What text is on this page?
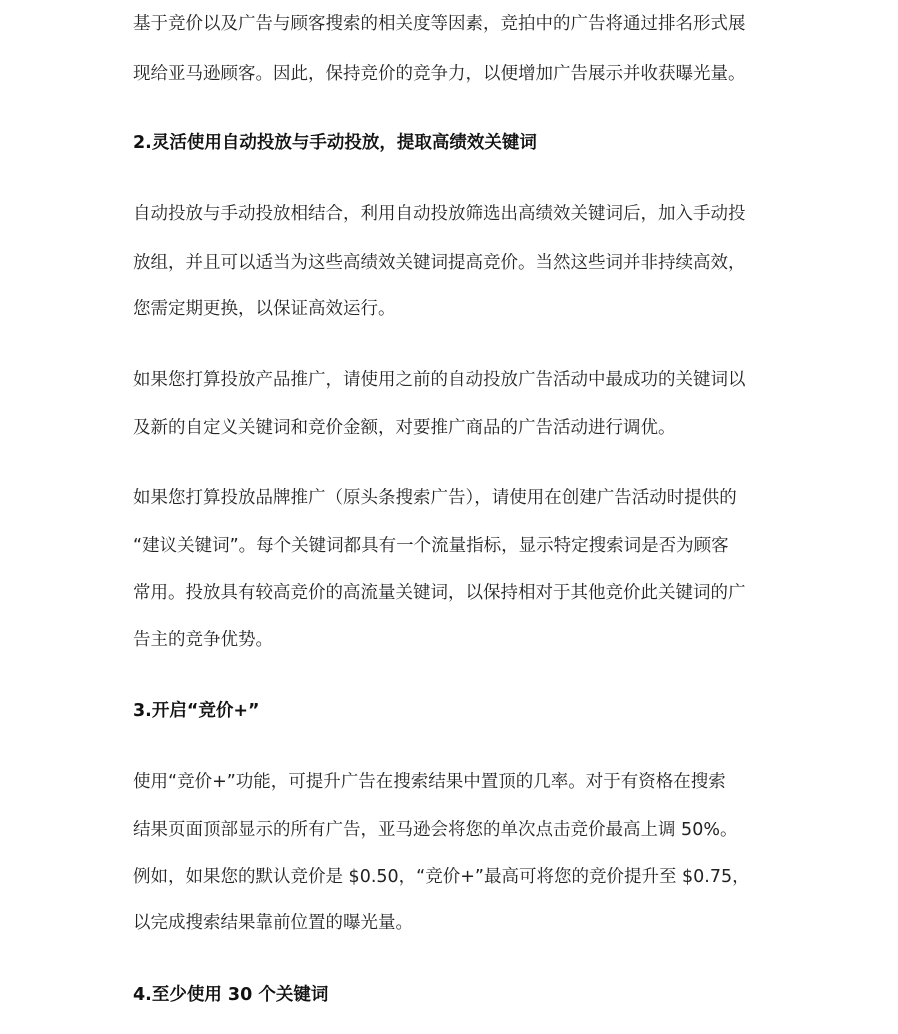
基于竞价以及广告与顾客搜索的相关度等因素，竞拍中的广告将通过排名形式展
现给亚马逊顾客。因此，保持竞价的竞争力，以便增加广告展示并收获曝光量。
2.灵活使用自动投放与手动投放，提取高绩效关键词
自动投放与手动投放相结合，利用自动投放筛选出高绩效关键词后，加入手动投
放组，并且可以适当为这些高绩效关键词提高竞价。当然这些词并非持续高效，
您需定期更换，以保证高效运行。
如果您打算投放产品推广，请使用之前的自动投放广告活动中最成功的关键词以
及新的自定义关键词和竞价金额，对要推广商品的广告活动进行调优。
如果您打算投放品牌推广（原头条搜索广告），请使用在创建广告活动时提供的
“建议关键词”。每个关键词都具有一个流量指标，显示特定搜索词是否为顾客
常用。投放具有较高竞价的高流量关键词，以保持相对于其他竞价此关键词的广
告主的竞争优势。
3.开启“竞价+”
使用“竞价+”功能，可提升广告在搜索结果中置顶的几率。对于有资格在搜索
结果页面顶部显示的所有广告，亚马逊会将您的单次点击竞价最高上调 50%。
例如，如果您的默认竞价是 $0.50，“竞价+”最高可将您的竞价提升至 $0.75，
以完成搜索结果靠前位置的曝光量。
4.至少使用 30 个关键词
